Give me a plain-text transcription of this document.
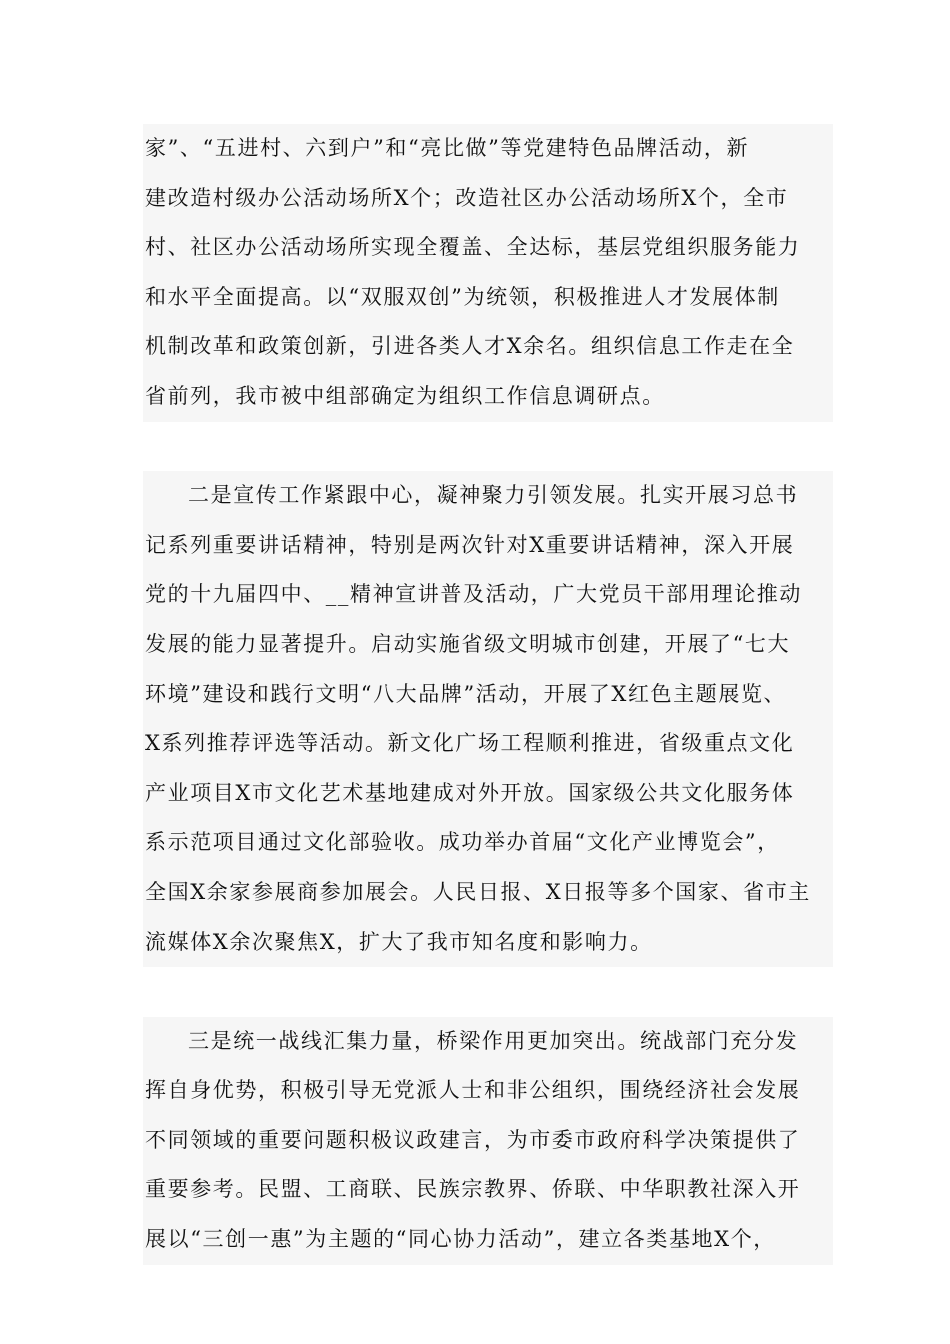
家”、“五进村、六到户”和“亮比做”等党建特色品牌活动，新
建改造村级办公活动场所X个；改造社区办公活动场所X个，全市
村、社区办公活动场所实现全覆盖、全达标，基层党组织服务能力
和水平全面提高。以“双服双创”为统领，积极推进人才发展体制
机制改革和政策创新，引进各类人才X余名。组织信息工作走在全
省前列，我市被中组部确定为组织工作信息调研点。
二是宣传工作紧跟中心，凝神聚力引领发展。扎实开展习总书
记系列重要讲话精神，特别是两次针对X重要讲话精神，深入开展
党的十九届四中、__精神宣讲普及活动，广大党员干部用理论推动
发展的能力显著提升。启动实施省级文明城市创建，开展了“七大
环境”建设和践行文明“八大品牌”活动，开展了X红色主题展览、
X系列推荐评选等活动。新文化广场工程顺利推进，省级重点文化
产业项目X市文化艺术基地建成对外开放。国家级公共文化服务体
系示范项目通过文化部验收。成功举办首届“文化产业博览会”，
全国X余家参展商参加展会。人民日报、X日报等多个国家、省市主
流媒体X余次聚焦X，扩大了我市知名度和影响力。
三是统一战线汇集力量，桥梁作用更加突出。统战部门充分发
挥自身优势，积极引导无党派人士和非公组织，围绕经济社会发展
不同领域的重要问题积极议政建言，为市委市政府科学决策提供了
重要参考。民盟、工商联、民族宗教界、侨联、中华职教社深入开
展以“三创一惠”为主题的“同心协力活动”，建立各类基地X个，
